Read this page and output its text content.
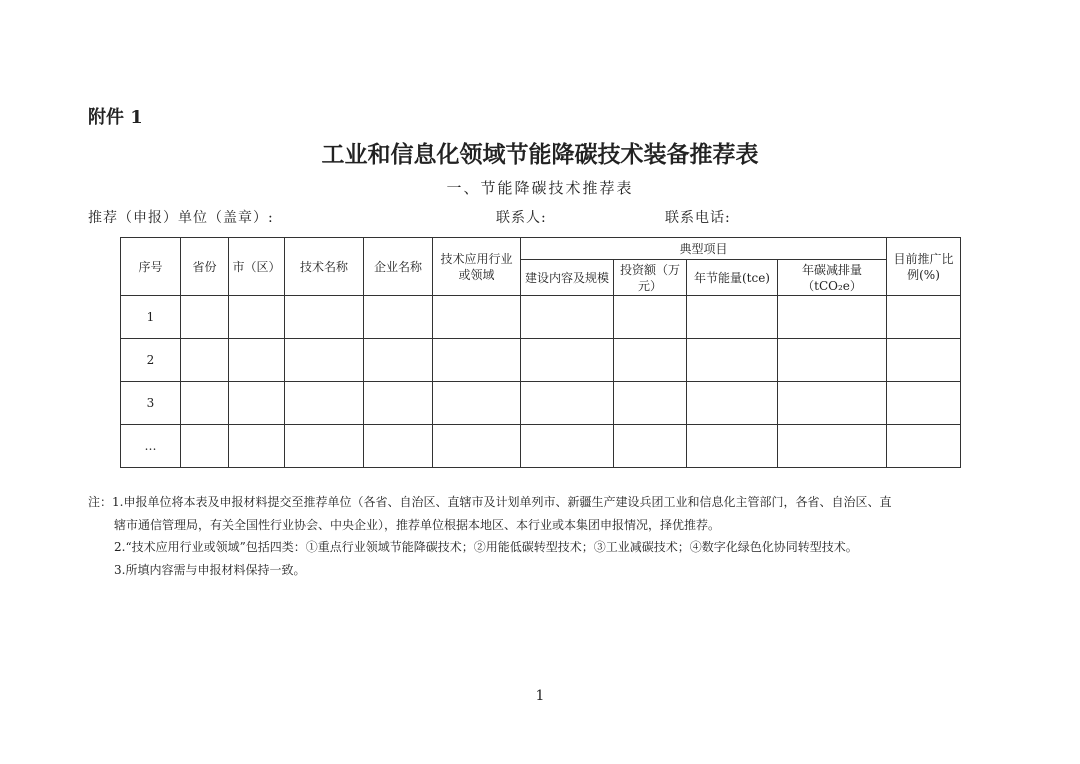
附件 1
工业和信息化领域节能降碳技术装备推荐表
一、节能降碳技术推荐表
推荐（申报）单位（盖章）:	联系人:	联系电话:
序号	省份	市（区）	技术名称	企业名称	技术应用行业或领域	典型项目				目前推广比例(%)
						建设内容及规模	投资额（万元）	年节能量(tce)	年碳减排量（tCO₂e）	
1										
2										
3										
…										
注：1.申报单位将本表及申报材料提交至推荐单位（各省、自治区、直辖市及计划单列市、新疆生产建设兵团工业和信息化主管部门，各省、自治区、直
辖市通信管理局，有关全国性行业协会、中央企业），推荐单位根据本地区、本行业或本集团申报情况，择优推荐。
2.“技术应用行业或领域”包括四类：①重点行业领域节能降碳技术；②用能低碳转型技术；③工业减碳技术；④数字化绿色化协同转型技术。
3.所填内容需与申报材料保持一致。
1
